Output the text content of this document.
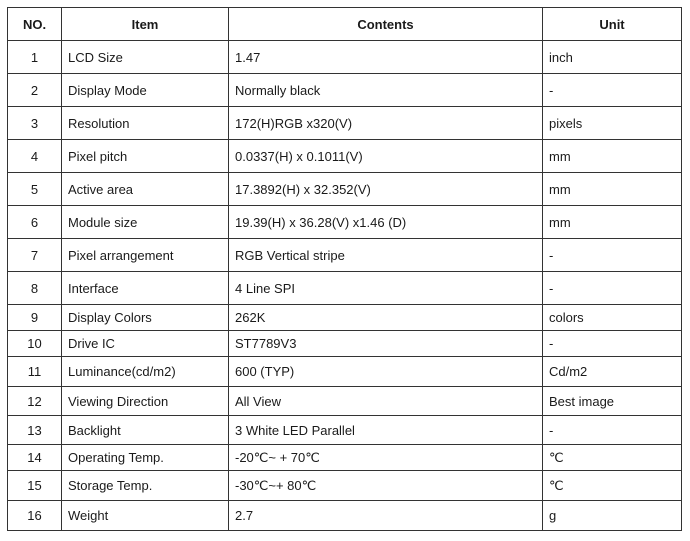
NO.	Item	Contents	Unit
1	LCD Size	1.47	inch
2	Display Mode	Normally black	-
3	Resolution	172(H)RGB x320(V)	pixels
4	Pixel pitch	0.0337(H) x 0.1011(V)	mm
5	Active area	17.3892(H) x 32.352(V)	mm
6	Module size	19.39(H) x 36.28(V) x1.46 (D)	mm
7	Pixel arrangement	RGB Vertical stripe	-
8	Interface	4 Line SPI	-
9	Display Colors	262K	colors
10	Drive IC	ST7789V3	-
11	Luminance(cd/m2)	600 (TYP)	Cd/m2
12	Viewing Direction	All View	Best image
13	Backlight	3 White LED Parallel	-
14	Operating Temp.	-20℃~ + 70℃	℃
15	Storage Temp.	-30℃~+ 80℃	℃
16	Weight	2.7	g
